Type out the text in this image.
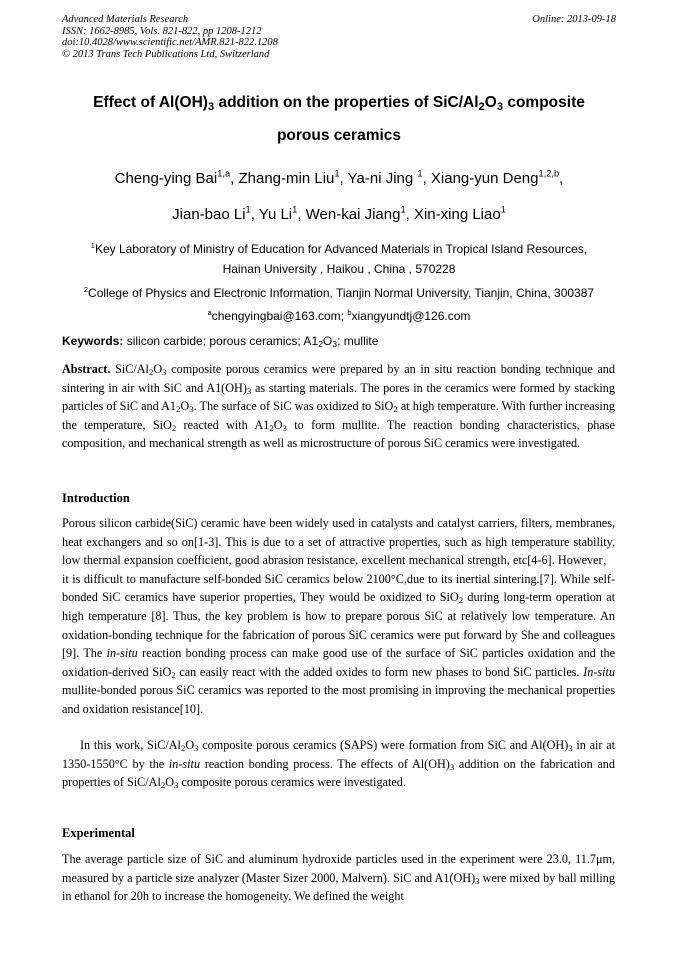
Advanced Materials Research
ISSN: 1662-8985, Vols. 821-822, pp 1208-1212
doi:10.4028/www.scientific.net/AMR.821-822.1208
© 2013 Trans Tech Publications Ltd, Switzerland
Online: 2013-09-18
Effect of $Al(OH)_3$ addition on the properties of SiC/$Al_2O_3$ composite
porous ceramics
Cheng-ying Bai$^{1,a}$, Zhang-min Liu$^1$, Ya-ni Jing $^1$, Xiang-yun Deng$^{1,2,b}$,
Jian-bao Li$^1$, Yu Li$^1$, Wen-kai Jiang$^1$, Xin-xing Liao$^1$
$^1$Key Laboratory of Ministry of Education for Advanced Materials in Tropical Island Resources,
Hainan University , Haikou , China , 570228
$^2$College of Physics and Electronic Information, Tianjin Normal University, Tianjin, China, 300387
$^a$chengyingbai@163.com; $^b$xiangyundtj@126.com
Keywords: silicon carbide; porous ceramics; $A1_2O_3$; mullite
Abstract. SiC/$Al_2O_3$ composite porous ceramics were prepared by an in situ reaction bonding technique and sintering in air with SiC and $A1(OH)_3$ as starting materials. The pores in the ceramics were formed by stacking particles of SiC and $A1_2O_3$. The surface of SiC was oxidized to SiO$_2$ at high temperature. With further increasing the temperature, SiO$_2$ reacted with $A1_2O_3$ to form mullite. The reaction bonding characteristics, phase composition, and mechanical strength as well as microstructure of porous SiC ceramics were investigated.
Introduction
Porous silicon carbide(SiC) ceramic have been widely used in catalysts and catalyst carriers, filters, membranes, heat exchangers and so on[1-3]. This is due to a set of attractive properties, such as high temperature stability, low thermal expansion coefficient, good abrasion resistance, excellent mechanical strength, etc[4-6]. However，it is difficult to manufacture self-bonded SiC ceramics below 2100°C,due to its inertial sintering.[7]. While self-bonded SiC ceramics have superior properties, They would be oxidized to SiO$_2$ during long-term operation at high temperature [8]. Thus, the key problem is how to prepare porous SiC at relatively low temperature. An oxidation-bonding technique for the fabrication of porous SiC ceramics were put forward by She and colleagues [9]. The in-situ reaction bonding process can make good use of the surface of SiC particles oxidation and the oxidation-derived SiO$_2$ can easily react with the added oxides to form new phases to bond SiC particles. In-situ mullite-bonded porous SiC ceramics was reported to the most promising in improving the mechanical properties and oxidation resistance[10].
In this work, SiC/$Al_2O_3$ composite porous ceramics (SAPS) were formation from SiC and $Al(OH)_3$ in air at 1350-1550°C by the in-situ reaction bonding process. The effects of $Al(OH)_3$ addition on the fabrication and properties of SiC/$Al_2O_3$ composite porous ceramics were investigated.
Experimental
The average particle size of SiC and aluminum hydroxide particles used in the experiment were 23.0, 11.7μm, measured by a particle size analyzer (Master Sizer 2000, Malvern). SiC and $A1(OH)_3$ were mixed by ball milling in ethanol for 20h to increase the homogeneity. We defined the weight
